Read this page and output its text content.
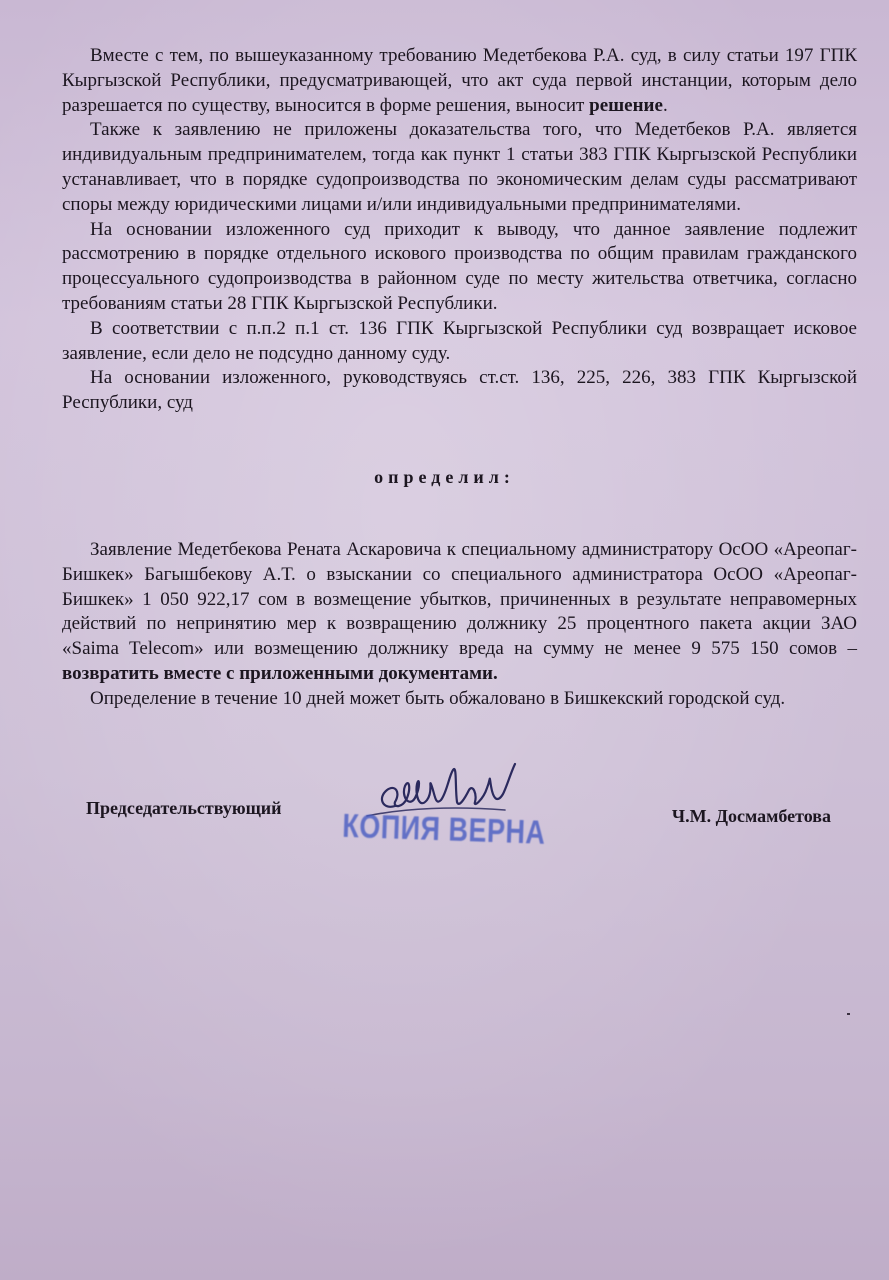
Вместе с тем, по вышеуказанному требованию Медетбекова Р.А. суд, в силу статьи 197 ГПК Кыргызской Республики, предусматривающей, что акт суда первой инстанции, которым дело разрешается по существу, выносится в форме решения, выносит решение.

Также к заявлению не приложены доказательства того, что Медетбеков Р.А. является индивидуальным предпринимателем, тогда как пункт 1 статьи 383 ГПК Кыргызской Республики устанавливает, что в порядке судопроизводства по экономическим делам суды рассматривают споры между юридическими лицами и/или индивидуальными предпринимателями.

На основании изложенного суд приходит к выводу, что данное заявление подлежит рассмотрению в порядке отдельного искового производства по общим правилам гражданского процессуального судопроизводства в районном суде по месту жительства ответчика, согласно требованиям статьи 28 ГПК Кыргызской Республики.

В соответствии с п.п.2 п.1 ст. 136 ГПК Кыргызской Республики суд возвращает исковое заявление, если дело не подсудно данному суду.

На основании изложенного, руководствуясь ст.ст. 136, 225, 226, 383 ГПК Кыргызской Республики, суд

определил:

Заявление Медетбекова Рената Аскаровича к специальному администратору ОсОО «Ареопаг-Бишкек» Багышбекову А.Т. о взыскании со специального администратора ОсОО «Ареопаг-Бишкек» 1 050 922,17 сом в возмещение убытков, причиненных в результате неправомерных действий по непринятию мер к возвращению должнику 25 процентного пакета акции ЗАО «Saima Telecom» или возмещению должнику вреда на сумму не менее 9 575 150 сомов – возвратить вместе с приложенными документами.

Определение в течение 10 дней может быть обжаловано в Бишкекский городской суд.

Председательствующий КОПИЯ ВЕРНА	Ч.М. Досмамбетова
